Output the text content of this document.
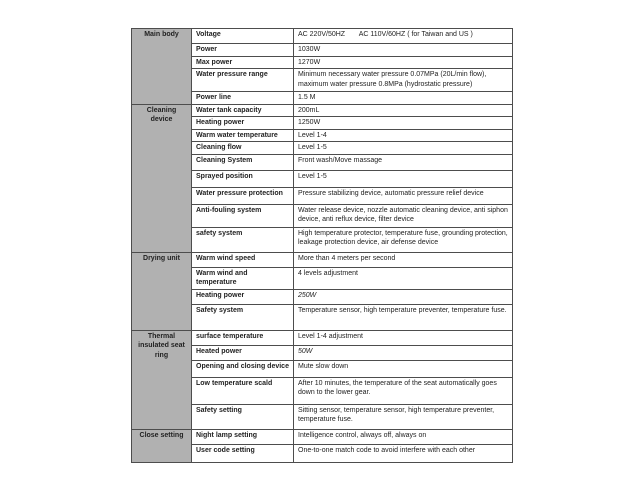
Main body	Voltage	AC 220V/50HZ       AC 110V/60HZ ( for Taiwan and US )
	Power	1030W
	Max power	1270W
	Water pressure range	Minimum necessary water pressure 0.07MPa (20L/min flow), maximum water pressure 0.8MPa (hydrostatic pressure)
	Power line	1.5 M
Cleaning device	Water tank capacity	200mL
	Heating power	1250W
	Warm water temperature	Level 1-4
	Cleaning flow	Level 1-5
	Cleaning System	Front wash/Move massage
	Sprayed position	Level 1-5
	Water pressure protection	Pressure stabilizing device, automatic pressure relief device
	Anti-fouling system	Water release device, nozzle automatic cleaning device, anti siphon device, anti reflux device, filter device
	safety system	High temperature protector, temperature fuse, grounding protection, leakage protection device, air defense device
Drying unit	Warm wind speed	More than 4 meters per second
	Warm wind and temperature	4 levels adjustment
	Heating power	250W
	Safety system	Temperature sensor, high temperature preventer, temperature fuse.
Thermal insulated seat ring	surface temperature	Level 1-4 adjustment
	Heated power	50W
	Opening and closing device	Mute slow down
	Low temperature scald	After 10 minutes, the temperature of the seat automatically goes down to the lower gear.
	Safety setting	Sitting sensor, temperature sensor, high temperature preventer, temperature fuse.
Close setting	Night lamp setting	Intelligence control, always off, always on
	User code setting	One-to-one match code to avoid interfere with each other
